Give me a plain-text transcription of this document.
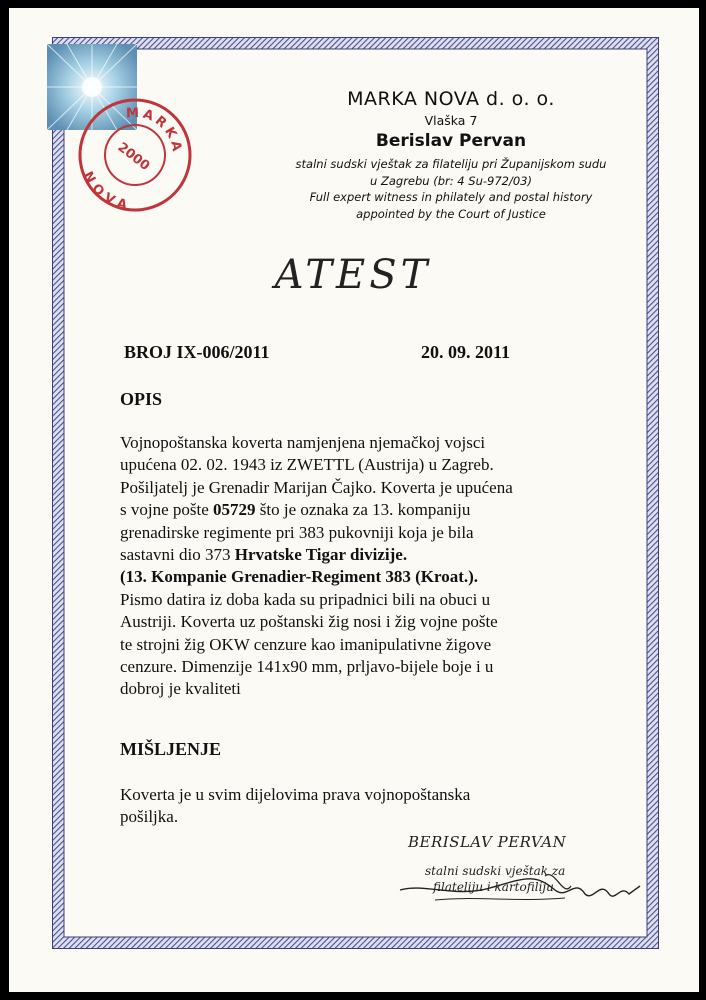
MARKA
NOVA
2000
MARKA NOVA d. o. o.
Vlaška 7
Berislav Pervan
stalni sudski vještak za filateliju pri Županijskom sudu
u Zagrebu (br: 4 Su-972/03)
Full expert witness in philately and postal history
appointed by the Court of Justice
ATEST
BROJ IX-006/2011	20. 09. 2011
OPIS
Vojnopoštanska koverta namjenjena njemačkoj vojsci
upućena 02. 02. 1943 iz ZWETTL (Austrija) u Zagreb.
Pošiljatelj je Grenadir Marijan Čajko. Koverta je upućena
s vojne pošte 05729 što je oznaka za 13. kompaniju
grenadirske regimente pri 383 pukovniji koja je bila
sastavni dio 373 Hrvatske Tigar divizije.
(13. Kompanie Grenadier-Regiment 383 (Kroat.).
Pismo datira iz doba kada su pripadnici bili na obuci u
Austriji. Koverta uz poštanski žig nosi i žig vojne pošte
te strojni žig OKW cenzure kao imanipulativne žigove
cenzure. Dimenzije 141x90 mm, prljavo-bijele boje i u
dobroj je kvaliteti
MIŠLJENJE
Koverta je u svim dijelovima prava vojnopoštanska
pošiljka.
BERISLAV PERVAN
stalni sudski vještak za
filateliju i kartofiliju
